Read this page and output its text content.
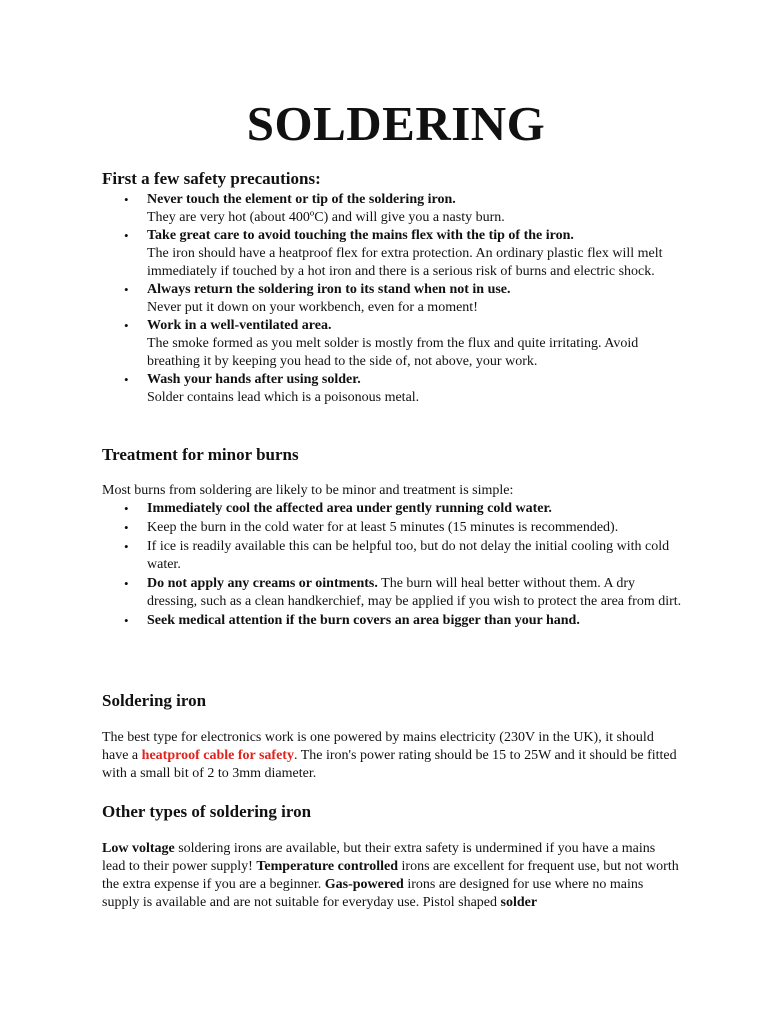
SOLDERING
First a few safety precautions:
• Never touch the element or tip of the soldering iron.
They are very hot (about 400ºC) and will give you a nasty burn.
• Take great care to avoid touching the mains flex with the tip of the iron.
The iron should have a heatproof flex for extra protection. An ordinary plastic flex will melt immediately if touched by a hot iron and there is a serious risk of burns and electric shock.
• Always return the soldering iron to its stand when not in use.
Never put it down on your workbench, even for a moment!
• Work in a well-ventilated area.
The smoke formed as you melt solder is mostly from the flux and quite irritating. Avoid breathing it by keeping you head to the side of, not above, your work.
• Wash your hands after using solder.
Solder contains lead which is a poisonous metal.
Treatment for minor burns

Most burns from soldering are likely to be minor and treatment is simple:

• Immediately cool the affected area under gently running cold water.
• Keep the burn in the cold water for at least 5 minutes (15 minutes is recommended).
• If ice is readily available this can be helpful too, but do not delay the initial cooling with cold water.
• Do not apply any creams or ointments. The burn will heal better without them. A dry dressing, such as a clean handkerchief, may be applied if you wish to protect the area from dirt.
• Seek medical attention if the burn covers an area bigger than your hand.
Soldering iron

The best type for electronics work is one powered by mains electricity (230V in the UK), it should have a heatproof cable for safety. The iron's power rating should be 15 to 25W and it should be fitted with a small bit of 2 to 3mm diameter.

Other types of soldering iron

Low voltage soldering irons are available, but their extra safety is undermined if you have a mains lead to their power supply! Temperature controlled irons are excellent for frequent use, but not worth the extra expense if you are a beginner. Gas-powered irons are designed for use where no mains supply is available and are not suitable for everyday use. Pistol shaped solder
